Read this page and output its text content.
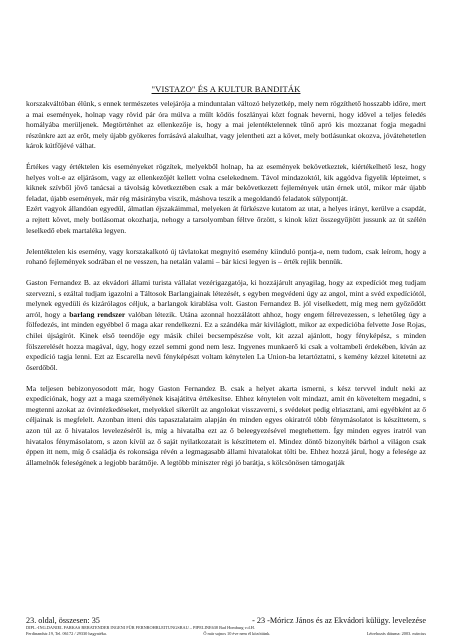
"VISTAZO" ÉS A KULTUR BANDITÁK

korszakváltóban élünk, s ennek természetes velejárója a minduntalan változó helyzetkép, mely nem rögzíthető hosszabb időre, mert a mai események, holnap vagy rövid pár óra múlva a műlt ködös foszlányai közt fognak heverni, hogy idővel a teljes feledés homályába merüljenek. Megtörténhet az ellenkezője is, hogy a mai jelentéktelennek tűnő apró kis mozzanat fogja megadni részünkre azt az erőt, mely újabb gyökeres forrásává alakulhat, vagy jelentheti azt a követ, mely botlásunkat okozva, jóvátehetetlen károk kútfőjévé válhat.

Értékes vagy értéktelen kis eseményeket rögzítek, melyekből holnap, ha az események bekövetkeztek, kiértékelhető lesz, hogy helyes volt-e az eljárásom, vagy az ellenkezőjét kellett volna cselekednem. Távol mindazoktól, kik aggódva figyelik lépteimet, s kiknek szívből jövő tanácsai a távolság következtében csak a már bekövetkezett fejlemények után érnek utól, mikor már újabb feladat, újabb események, már rég másirányba viszik, máshova teszik a megoldandó feladatok súlypontját.

Ezért vagyok állandóan egyedül, álmatlan éjszakáimmal, melyeken át fürkészve kutatom az utat, a helyes irányt, kerülve a csapdát, a rejtett követ, mely botlásomat okozhatja, nehogy a tarsolyomban féltve őrzött, s kinok közt összegyűjtött jussunk az út szélén leselkedő ebek martaléka legyen.

Jelentéktelen kis esemény, vagy korszakalkotó új távlatokat megnyitó esemény kiinduló pontja-e, nem tudom, csak leírom, hogy a rohanó fejlemények sodrában el ne vesszen, ha netalán valami – bár kicsi legyen is – érték rejlik bennük.

Gaston Fernandez B. az ekvádori állami turista vállalat vezérigazgatója, ki hozzájárult anyagilag, hogy az expedíciót meg tudjam szervezni, s ezáltal tudjam igazolni a Táltosok Barlangjainak létezését, s egyben megvédeni úgy az angol, mint a svéd expedíciótól, melynek egyedüli és kizárólagos céljuk, a barlangok kirablása volt. Gaston Fernandez B. jól viselkedett, míg meg nem győződött arról, hogy a barlang rendszer valóban létezik. Utána azonnal hozzálátott ahhoz, hogy engem félrevezessen, s lehetőleg úgy a fölfedezés, int minden egyébbel ő maga akar rendelkezni. Ez a szándéka már kiviláglott, mikor az expedícióba felvette Jose Rojas, chilei újságírót. Kinek első teendője egy másik chilei becsempészése volt, kit azzal ajánlott, hogy fényképész, s minden fölszerelését hozza magával, úgy, hogy ezzel semmi gond nem lesz. Ingyenes munkaerő ki csak a voltambeli érdekében, kíván az expedíció tagja lenni. Ezt az Escarella nevű fényképészt voltam kénytelen La Union-ba letartóztatni, s kemény kézzel kitetetni az őserdőből.

Ma teljesen bebizonyosodott már, hogy Gaston Fernandez B. csak a helyet akarta ismerni, s kész tervvel indult neki az expedíciónak, hogy azt a maga személyének kisajátítva értékesítse. Ehhez kénytelen volt mindazt, amit én követeltem megadni, s megtenni azokat az óvintézkedéseket, melyekkel sikerült az angolokat visszaverni, s svédeket pedig elriasztani, ami egyébként az ő céljainak is megfelelt. Azonban itteni dús tapasztalataim alapján én minden egyes okiratról több fénymásolatot is készíttetem, s azon túl az ő hivatalos levelezéséről is, míg a hivatalba ezt az ő beleegyezésével megtehettem. Így minden egyes iratról van hivatalos fénymásolatom, s azon kívül az ő saját nyilatkozatait is készíttetem el. Mindez döntő bizonyíték bárhol a világon csak éppen itt nem, míg ő családja és rokonsága révén a legmagasabb állami hivatalokat tölti be. Ehhez hozzá járul, hogy a felesége az államelnök feleségének a legjobb barátnője. A legtöbb miniszter régi jó barátja, s kölcsönösen támogatják

23. oldal, összesen: 35	- 23 -Móricz János és az Ekvádori külügy. levelezése
DIPL.-ING.DANIEL FARKAS BERATENDER INGENI FÜR FERNROHRLEITUNGSBAU – PIPELINE638 Bad Homburg v.d.H.
Ferdinandstr.19, Tel. 06172 / 29330 hagyatéka.	Ő már sajnos 10 éve nem él közöttünk.	Létrehozás dátuma: 2003. március
